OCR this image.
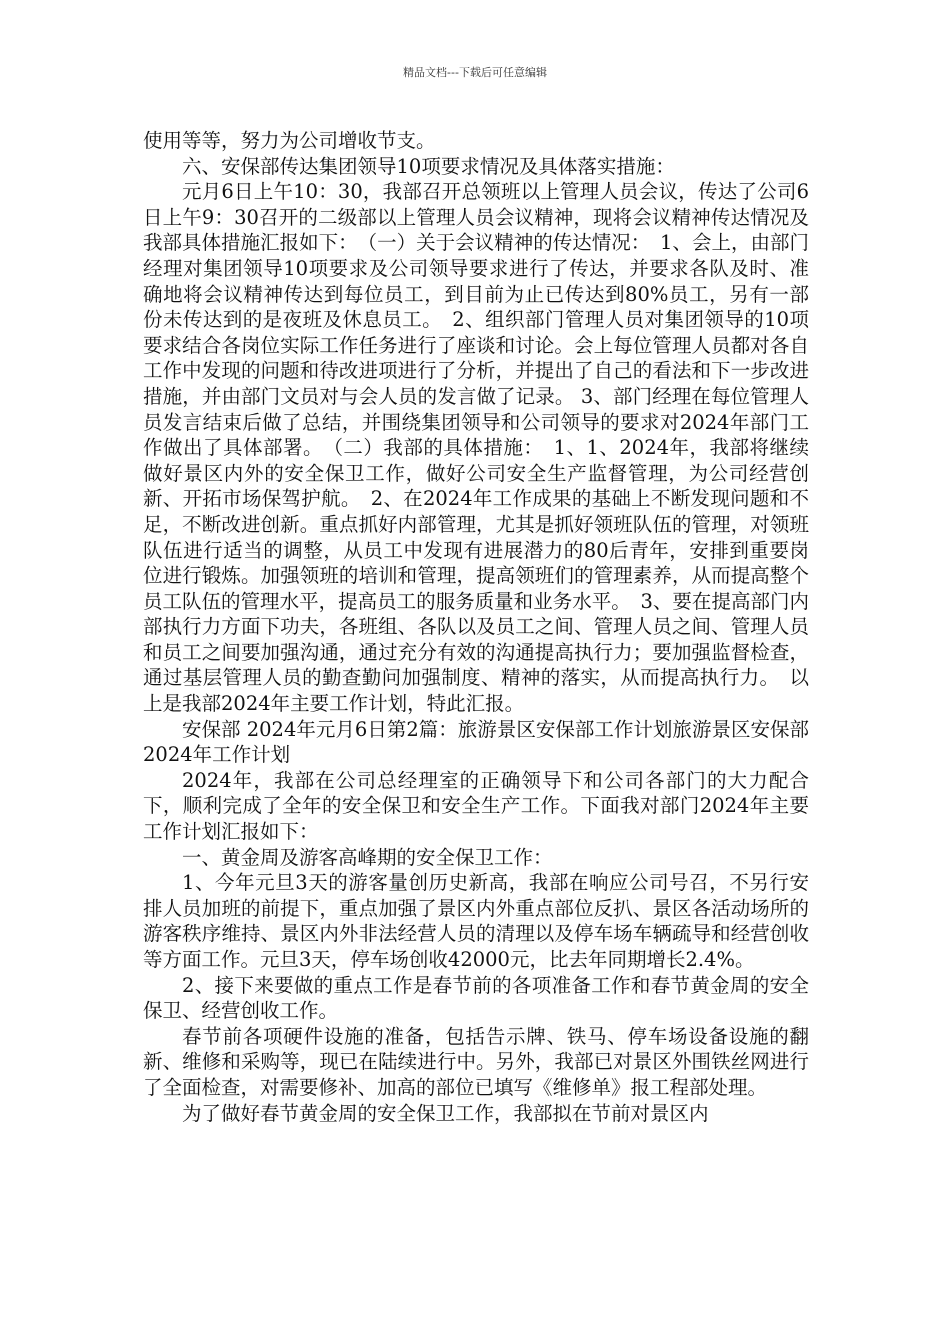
精品文档---下载后可任意编辑

使用等等，努力为公司增收节支。

六、安保部传达集团领导10项要求情况及具体落实措施：

元月6日上午10：30，我部召开总领班以上管理人员会议，传达了公司6日上午9：30召开的二级部以上管理人员会议精神，现将会议精神传达情况及我部具体措施汇报如下：　（一）关于会议精神的传达情况：　1、会上，由部门经理对集团领导10项要求及公司领导要求进行了传达，并要求各队及时、准确地将会议精神传达到每位员工，到目前为止已传达到80%员工，另有一部份未传达到的是夜班及休息员工。　2、组织部门管理人员对集团领导的10项要求结合各岗位实际工作任务进行了座谈和讨论。会上每位管理人员都对各自工作中发现的问题和待改进项进行了分析，并提出了自己的看法和下一步改进措施，并由部门文员对与会人员的发言做了记录。 3、部门经理在每位管理人员发言结束后做了总结，并围绕集团领导和公司领导的要求对2024年部门工作做出了具体部署。　（二）我部的具体措施：　1、1、2024年，我部将继续做好景区内外的安全保卫工作，做好公司安全生产监督管理，为公司经营创新、开拓市场保驾护航。　2、在2024年工作成果的基础上不断发现问题和不足，不断改进创新。重点抓好内部管理，尤其是抓好领班队伍的管理，对领班队伍进行适当的调整，从员工中发现有进展潜力的80后青年，安排到重要岗位进行锻炼。加强领班的培训和管理，提高领班们的管理素养，从而提高整个员工队伍的管理水平，提高员工的服务质量和业务水平。　3、要在提高部门内部执行力方面下功夫，各班组、各队以及员工之间、管理人员之间、管理人员和员工之间要加强沟通，通过充分有效的沟通提高执行力；要加强监督检查，通过基层管理人员的勤查勤问加强制度、精神的落实，从而提高执行力。　以上是我部2024年主要工作计划，特此汇报。

安保部 2024年元月6日第2篇：旅游景区安保部工作计划旅游景区安保部2024年工作计划

2024年，我部在公司总经理室的正确领导下和公司各部门的大力配合下，顺利完成了全年的安全保卫和安全生产工作。下面我对部门2024年主要工作计划汇报如下：

一、黄金周及游客高峰期的安全保卫工作：

1、今年元旦3天的游客量创历史新高，我部在响应公司号召，不另行安排人员加班的前提下，重点加强了景区内外重点部位反扒、景区各活动场所的游客秩序维持、景区内外非法经营人员的清理以及停车场车辆疏导和经营创收等方面工作。元旦3天，停车场创收42000元，比去年同期增长2.4%。

2、接下来要做的重点工作是春节前的各项准备工作和春节黄金周的安全保卫、经营创收工作。

春节前各项硬件设施的准备，包括告示牌、铁马、停车场设备设施的翻新、维修和采购等，现已在陆续进行中。另外，我部已对景区外围铁丝网进行了全面检查，对需要修补、加高的部位已填写《维修单》报工程部处理。

为了做好春节黄金周的安全保卫工作，我部拟在节前对景区内
